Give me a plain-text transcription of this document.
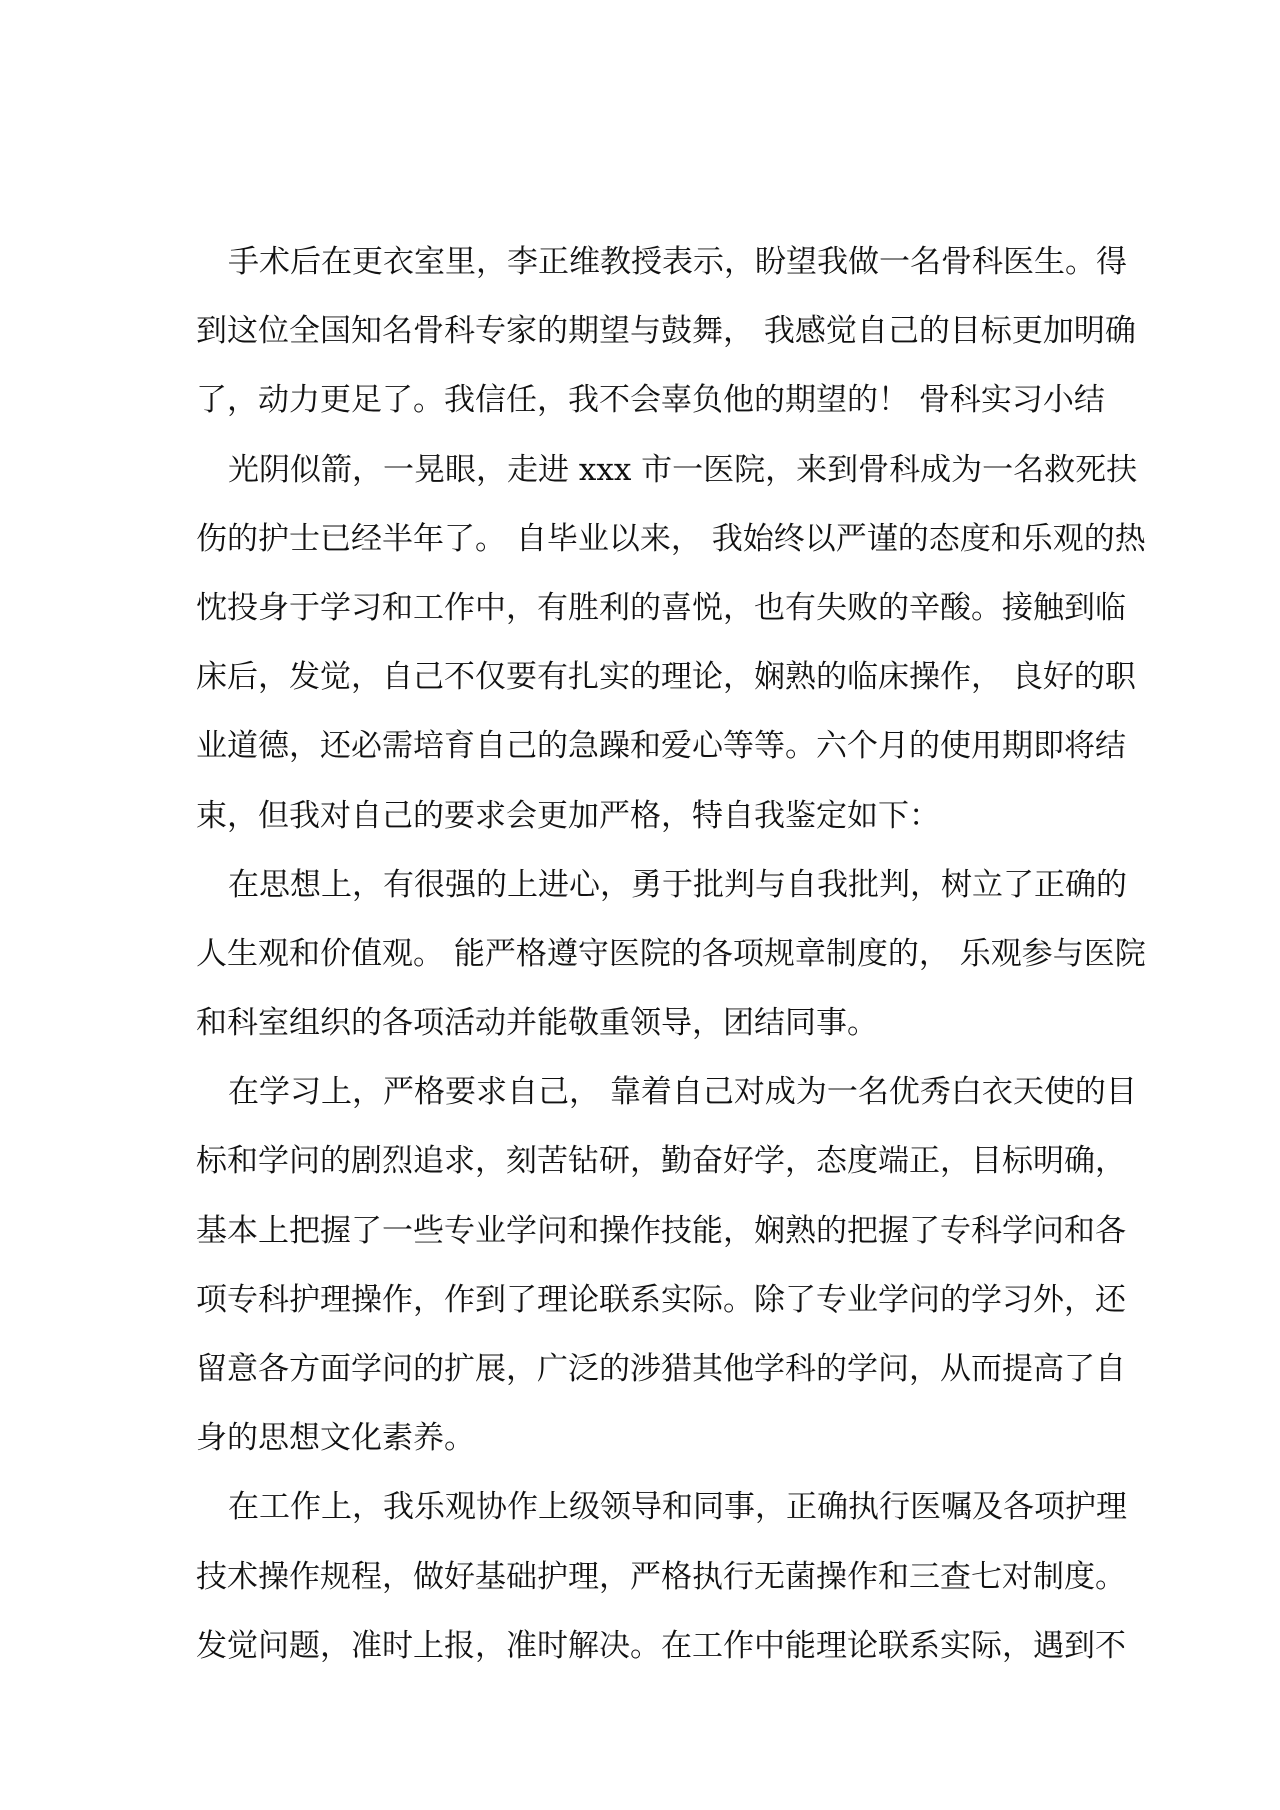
手术后在更衣室里，李正维教授表示，盼望我做一名骨科医生。得
到这位全国知名骨科专家的期望与鼓舞， 我感觉自己的目标更加明确
了，动力更足了。我信任，我不会辜负他的期望的！ 骨科实习小结
光阴似箭，一晃眼，走进 xxx 市一医院，来到骨科成为一名救死扶
伤的护士已经半年了。 自毕业以来， 我始终以严谨的态度和乐观的热
忱投身于学习和工作中，有胜利的喜悦，也有失败的辛酸。接触到临
床后，发觉，自己不仅要有扎实的理论，娴熟的临床操作， 良好的职
业道德，还必需培育自己的急躁和爱心等等。六个月的使用期即将结
束，但我对自己的要求会更加严格，特自我鉴定如下：
在思想上，有很强的上进心，勇于批判与自我批判，树立了正确的
人生观和价值观。 能严格遵守医院的各项规章制度的， 乐观参与医院
和科室组织的各项活动并能敬重领导，团结同事。
在学习上，严格要求自己， 靠着自己对成为一名优秀白衣天使的目
标和学问的剧烈追求，刻苦钻研，勤奋好学，态度端正，目标明确，
基本上把握了一些专业学问和操作技能，娴熟的把握了专科学问和各
项专科护理操作，作到了理论联系实际。除了专业学问的学习外，还
留意各方面学问的扩展，广泛的涉猎其他学科的学问，从而提高了自
身的思想文化素养。
在工作上，我乐观协作上级领导和同事，正确执行医嘱及各项护理
技术操作规程，做好基础护理，严格执行无菌操作和三查七对制度。
发觉问题，准时上报，准时解决。在工作中能理论联系实际，遇到不
